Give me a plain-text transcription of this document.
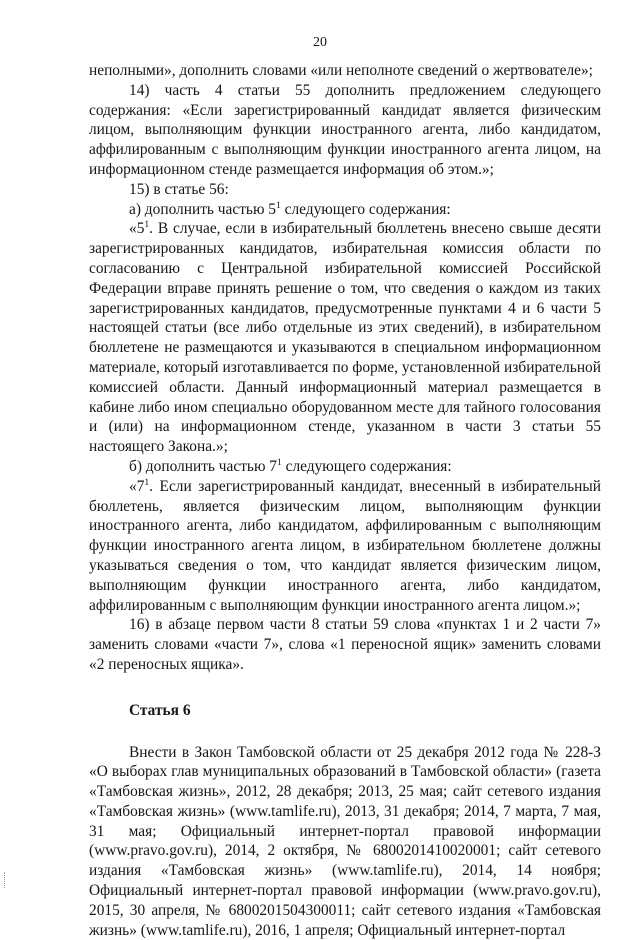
20

неполными», дополнить словами «или неполноте сведений о жертвователе»;

14) часть 4 статьи 55 дополнить предложением следующего содержания: «Если зарегистрированный кандидат является физическим лицом, выполняющим функции иностранного агента, либо кандидатом, аффилированным с выполняющим функции иностранного агента лицом, на информационном стенде размещается информация об этом.»;

15) в статье 56:

а) дополнить частью $5^1$ следующего содержания:

«$5^1$. В случае, если в избирательный бюллетень внесено свыше десяти зарегистрированных кандидатов, избирательная комиссия области по согласованию с Центральной избирательной комиссией Российской Федерации вправе принять решение о том, что сведения о каждом из таких зарегистрированных кандидатов, предусмотренные пунктами 4 и 6 части 5 настоящей статьи (все либо отдельные из этих сведений), в избирательном бюллетене не размещаются и указываются в специальном информационном материале, который изготавливается по форме, установленной избирательной комиссией области. Данный информационный материал размещается в кабине либо ином специально оборудованном месте для тайного голосования и (или) на информационном стенде, указанном в части 3 статьи 55 настоящего Закона.»;

б) дополнить частью $7^1$ следующего содержания:

«$7^1$. Если зарегистрированный кандидат, внесенный в избирательный бюллетень, является физическим лицом, выполняющим функции иностранного агента, либо кандидатом, аффилированным с выполняющим функции иностранного агента лицом, в избирательном бюллетене должны указываться сведения о том, что кандидат является физическим лицом, выполняющим функции иностранного агента, либо кандидатом, аффилированным с выполняющим функции иностранного агента лицом.»;

16) в абзаце первом части 8 статьи 59 слова «пунктах 1 и 2 части 7» заменить словами «части 7», слова «1 переносной ящик» заменить словами «2 переносных ящика».

Статья 6

Внести в Закон Тамбовской области от 25 декабря 2012 года № 228-З «О выборах глав муниципальных образований в Тамбовской области» (газета «Тамбовская жизнь», 2012, 28 декабря; 2013, 25 мая; сайт сетевого издания «Тамбовская жизнь» (www.tamlife.ru), 2013, 31 декабря; 2014, 7 марта, 7 мая, 31 мая; Официальный интернет-портал правовой информации (www.pravo.gov.ru), 2014, 2 октября, № 6800201410020001; сайт сетевого издания «Тамбовская жизнь» (www.tamlife.ru), 2014, 14 ноября; Официальный интернет-портал правовой информации (www.pravo.gov.ru), 2015, 30 апреля, № 6800201504300011; сайт сетевого издания «Тамбовская жизнь» (www.tamlife.ru), 2016, 1 апреля; Официальный интернет-портал
